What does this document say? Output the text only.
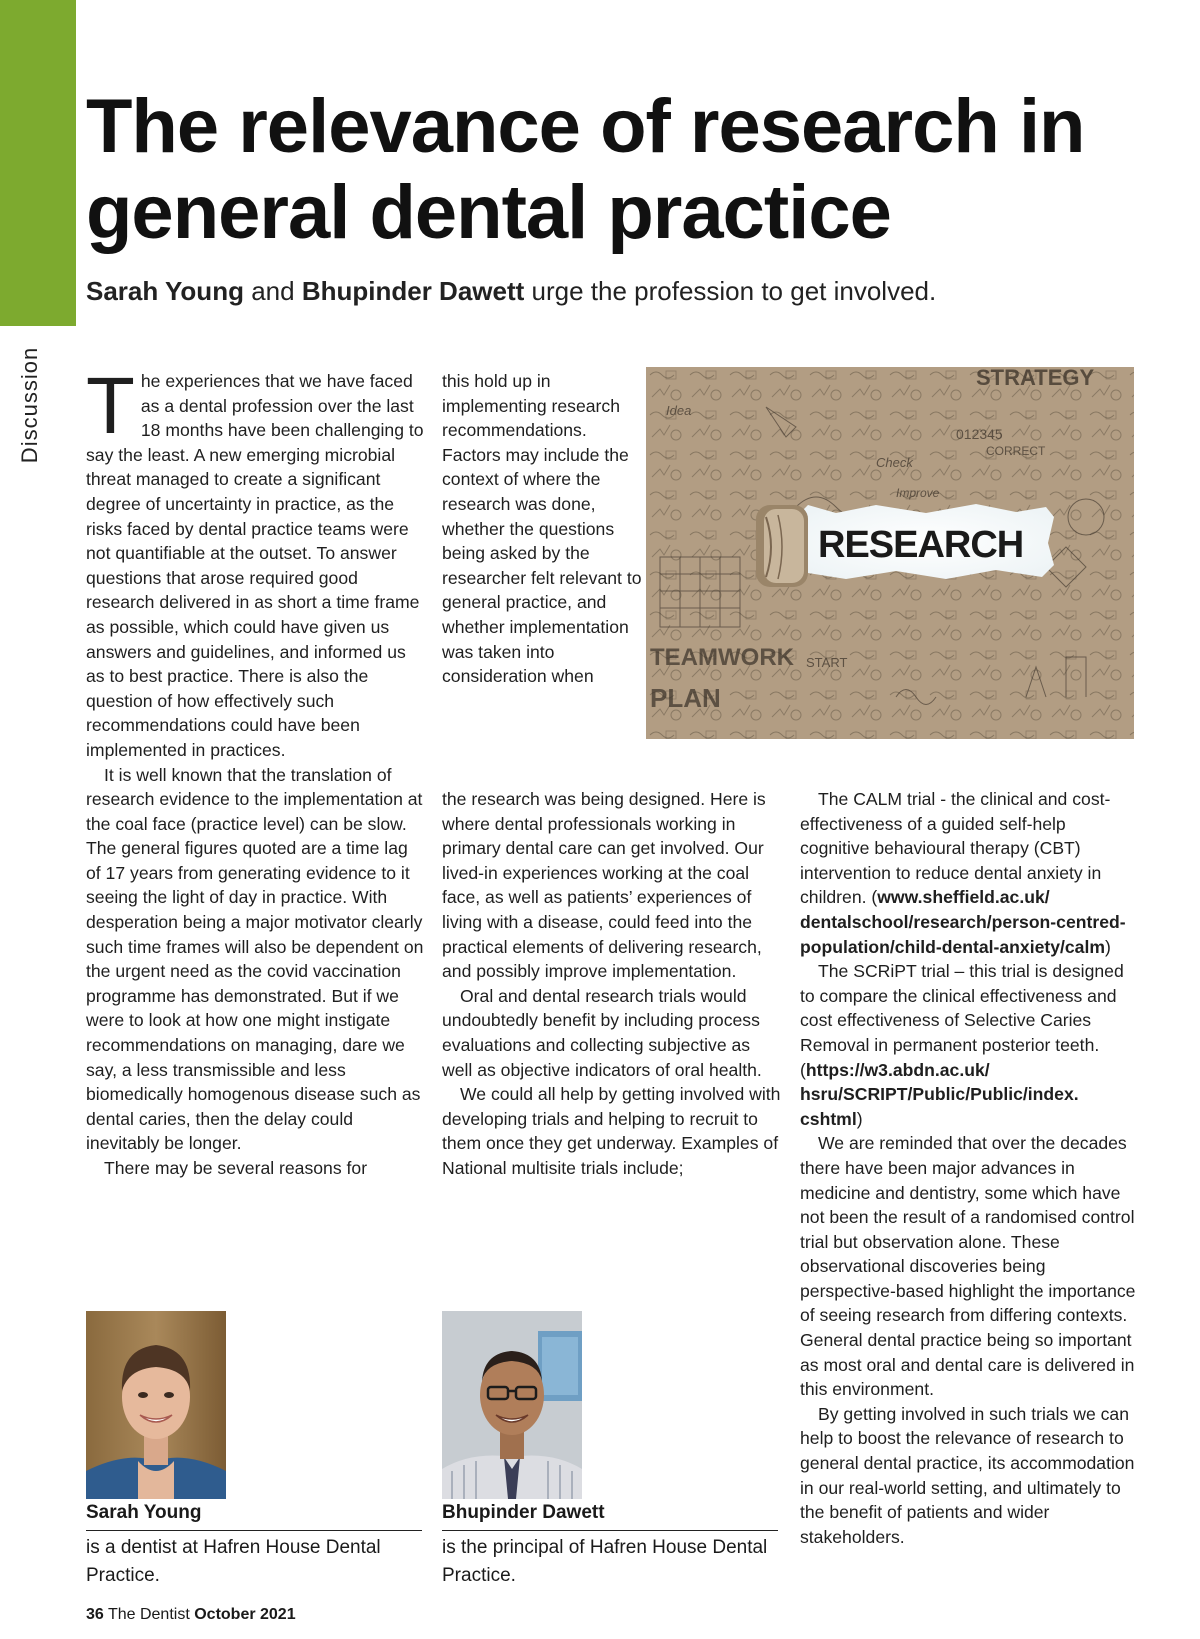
Discussion
The relevance of research in general dental practice
Sarah Young and Bhupinder Dawett urge the profession to get involved.

The experiences that we have faced as a dental profession over the last 18 months have been challenging to say the least. A new emerging microbial threat managed to create a significant degree of uncertainty in practice, as the risks faced by dental practice teams were not quantifiable at the outset. To answer questions that arose required good research delivered in as short a time frame as possible, which could have given us answers and guidelines, and informed us as to best practice. There is also the question of how effectively such recommendations could have been implemented in practices.

It is well known that the translation of research evidence to the implementation at the coal face (practice level) can be slow. The general figures quoted are a time lag of 17 years from generating evidence to it seeing the light of day in practice. With desperation being a major motivator clearly such time frames will also be dependent on the urgent need as the covid vaccination programme has demonstrated. But if we were to look at how one might instigate recommendations on managing, dare we say, a less transmissible and less biomedically homogenous disease such as dental caries, then the delay could inevitably be longer.

There may be several reasons for

this hold up in implementing research recommendations. Factors may include the context of where the research was done, whether the questions being asked by the researcher felt relevant to general practice, and whether implementation was taken into consideration when

STRATEGY
TEAMWORK
PLAN
Idea
START
CORRECT
Check
Improve
012345
RESEARCH

the research was being designed. Here is where dental professionals working in primary dental care can get involved. Our lived-in experiences working at the coal face, as well as patients’ experiences of living with a disease, could feed into the practical elements of delivering research, and possibly improve implementation.

Oral and dental research trials would undoubtedly benefit by including process evaluations and collecting subjective as well as objective indicators of oral health.

We could all help by getting involved with developing trials and helping to recruit to them once they get underway. Examples of National multisite trials include;

The CALM trial - the clinical and cost-effectiveness of a guided self-help cognitive behavioural therapy (CBT) intervention to reduce dental anxiety in children. (www.sheffield.ac.uk/ dentalschool/research/person-centred-population/child-dental-anxiety/calm)

The SCRiPT trial – this trial is designed to compare the clinical effectiveness and cost effectiveness of Selective Caries Removal in permanent posterior teeth. (https://w3.abdn.ac.uk/ hsru/SCRIPT/Public/Public/index. cshtml)

We are reminded that over the decades there have been major advances in medicine and dentistry, some which have not been the result of a randomised control trial but observation alone. These observational discoveries being perspective-based highlight the importance of seeing research from differing contexts. General dental practice being so important as most oral and dental care is delivered in this environment.

By getting involved in such trials we can help to boost the relevance of research to general dental practice, its accommodation in our real-world setting, and ultimately to the benefit of patients and wider stakeholders.

Sarah Young
is a dentist at Hafren House Dental Practice.
Bhupinder Dawett
is the principal of Hafren House Dental Practice.
36 The Dentist October 2021
